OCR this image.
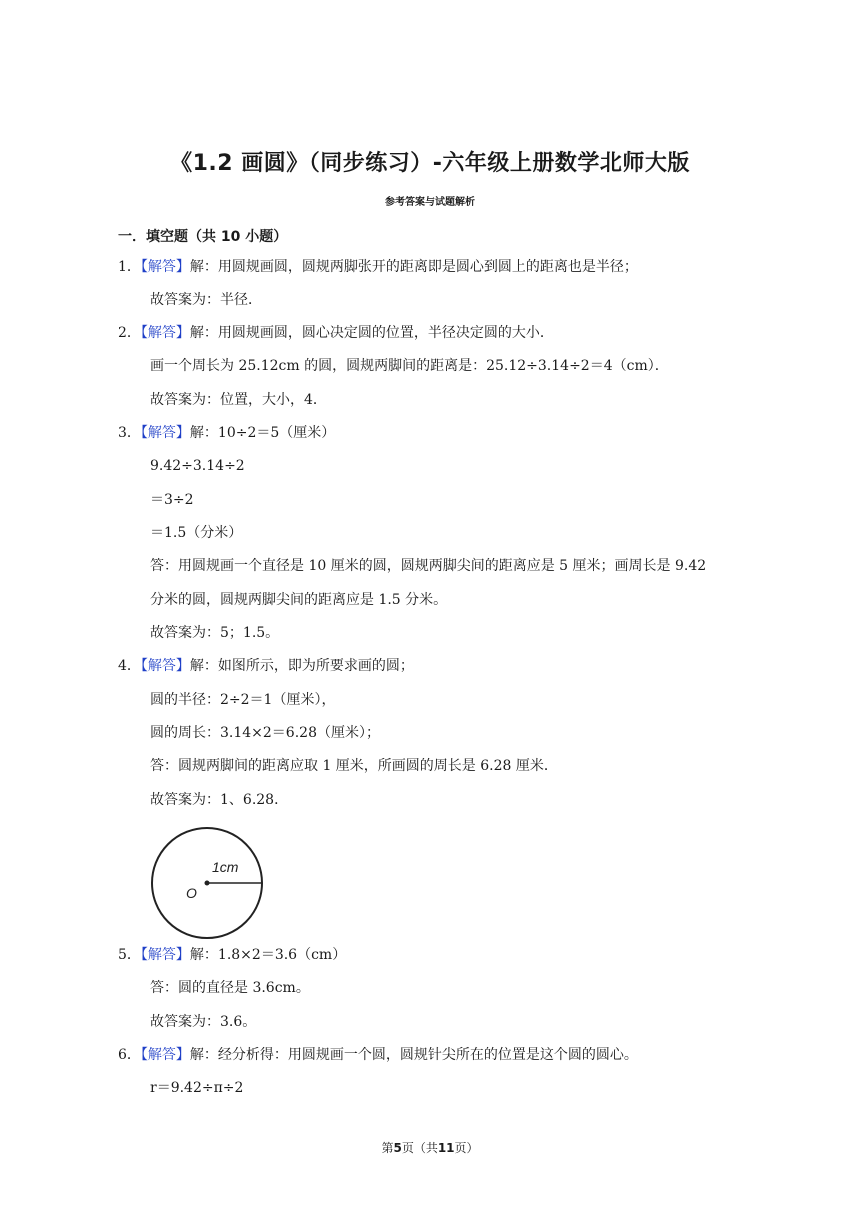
《1.2 画圆》（同步练习）-六年级上册数学北师大版
参考答案与试题解析
一．填空题（共 10 小题）
1．【解答】解：用圆规画圆，圆规两脚张开的距离即是圆心到圆上的距离也是半径；
故答案为：半径．
2．【解答】解：用圆规画圆，圆心决定圆的位置，半径决定圆的大小．
画一个周长为 25.12cm 的圆，圆规两脚间的距离是：25.12÷3.14÷2＝4（cm）．
故答案为：位置，大小，4．
3．【解答】解：10÷2＝5（厘米）
9.42÷3.14÷2
＝3÷2
＝1.5（分米）
答：用圆规画一个直径是 10 厘米的圆，圆规两脚尖间的距离应是 5 厘米；画周长是 9.42
分米的圆，圆规两脚尖间的距离应是 1.5 分米。
故答案为：5；1.5。
4．【解答】解：如图所示，即为所要求画的圆；
圆的半径：2÷2＝1（厘米），
圆的周长：3.14×2＝6.28（厘米）；
答：圆规两脚间的距离应取 1 厘米，所画圆的周长是 6.28 厘米．
故答案为：1、6.28．
1cm
O
5．【解答】解：1.8×2＝3.6（cm）
答：圆的直径是 3.6cm。
故答案为：3.6。
6．【解答】解：经分析得：用圆规画一个圆，圆规针尖所在的位置是这个圆的圆心。
r＝9.42÷π÷2
第5页（共11页）
